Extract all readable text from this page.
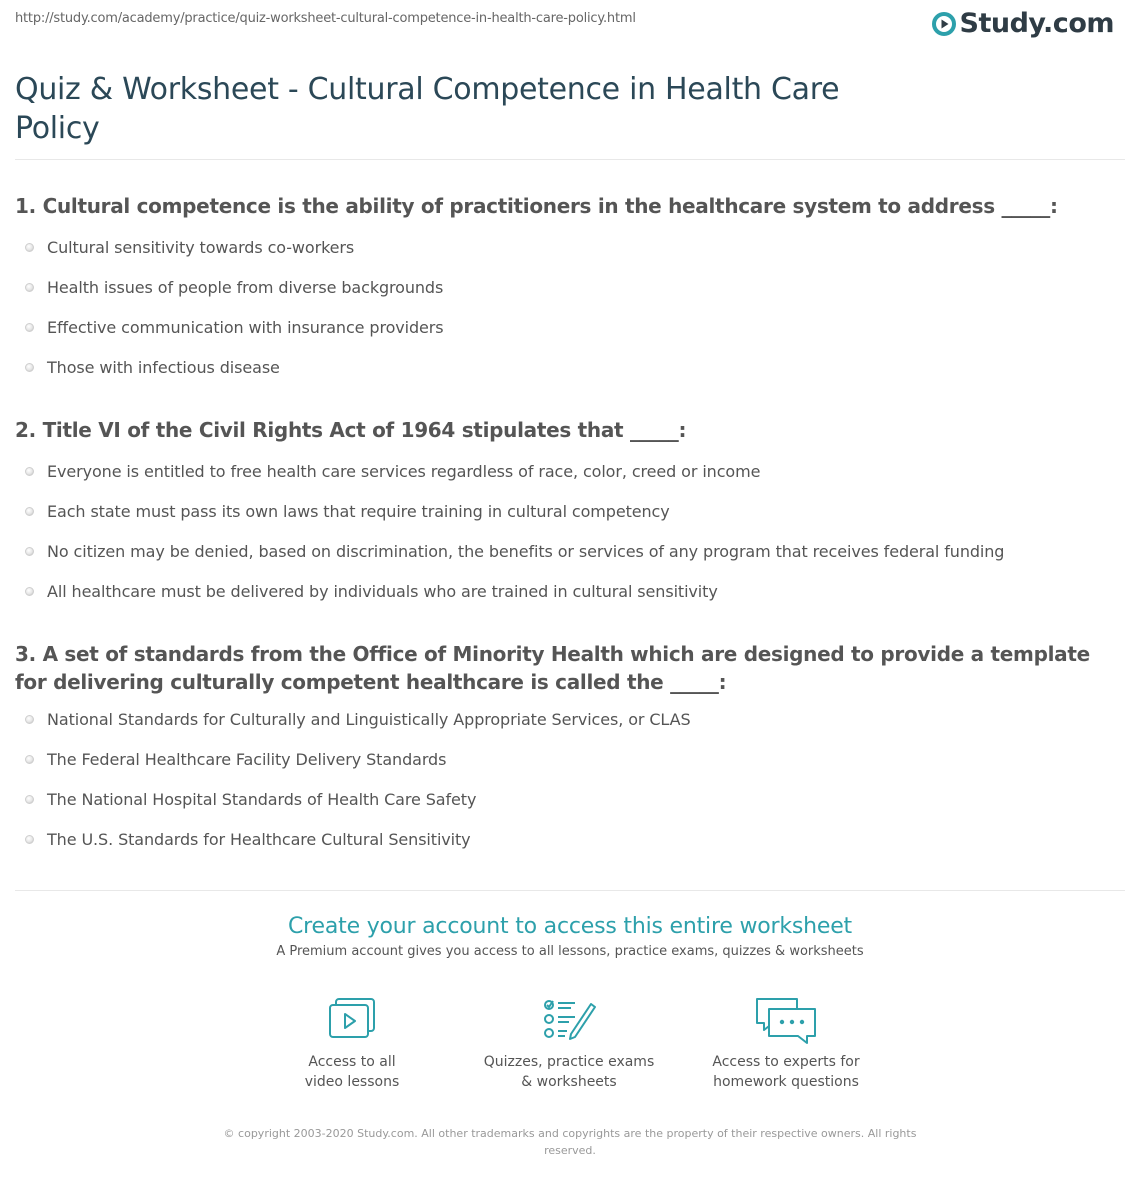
http://study.com/academy/practice/quiz-worksheet-cultural-competence-in-health-care-policy.html	Study.com
Quiz & Worksheet - Cultural Competence in Health Care Policy

1. Cultural competence is the ability of practitioners in the healthcare system to address _____:

Cultural sensitivity towards co-workers
Health issues of people from diverse backgrounds
Effective communication with insurance providers
Those with infectious disease

2. Title VI of the Civil Rights Act of 1964 stipulates that _____:

Everyone is entitled to free health care services regardless of race, color, creed or income
Each state must pass its own laws that require training in cultural competency
No citizen may be denied, based on discrimination, the benefits or services of any program that receives federal funding
All healthcare must be delivered by individuals who are trained in cultural sensitivity

3. A set of standards from the Office of Minority Health which are designed to provide a template for delivering culturally competent healthcare is called the _____:

National Standards for Culturally and Linguistically Appropriate Services, or CLAS
The Federal Healthcare Facility Delivery Standards
The National Hospital Standards of Health Care Safety
The U.S. Standards for Healthcare Cultural Sensitivity
Create your account to access this entire worksheet
A Premium account gives you access to all lessons, practice exams, quizzes & worksheets
Access to all
video lessons
Quizzes, practice exams
& worksheets
Access to experts for
homework questions
© copyright 2003-2020 Study.com. All other trademarks and copyrights are the property of their respective owners. All rights reserved.
